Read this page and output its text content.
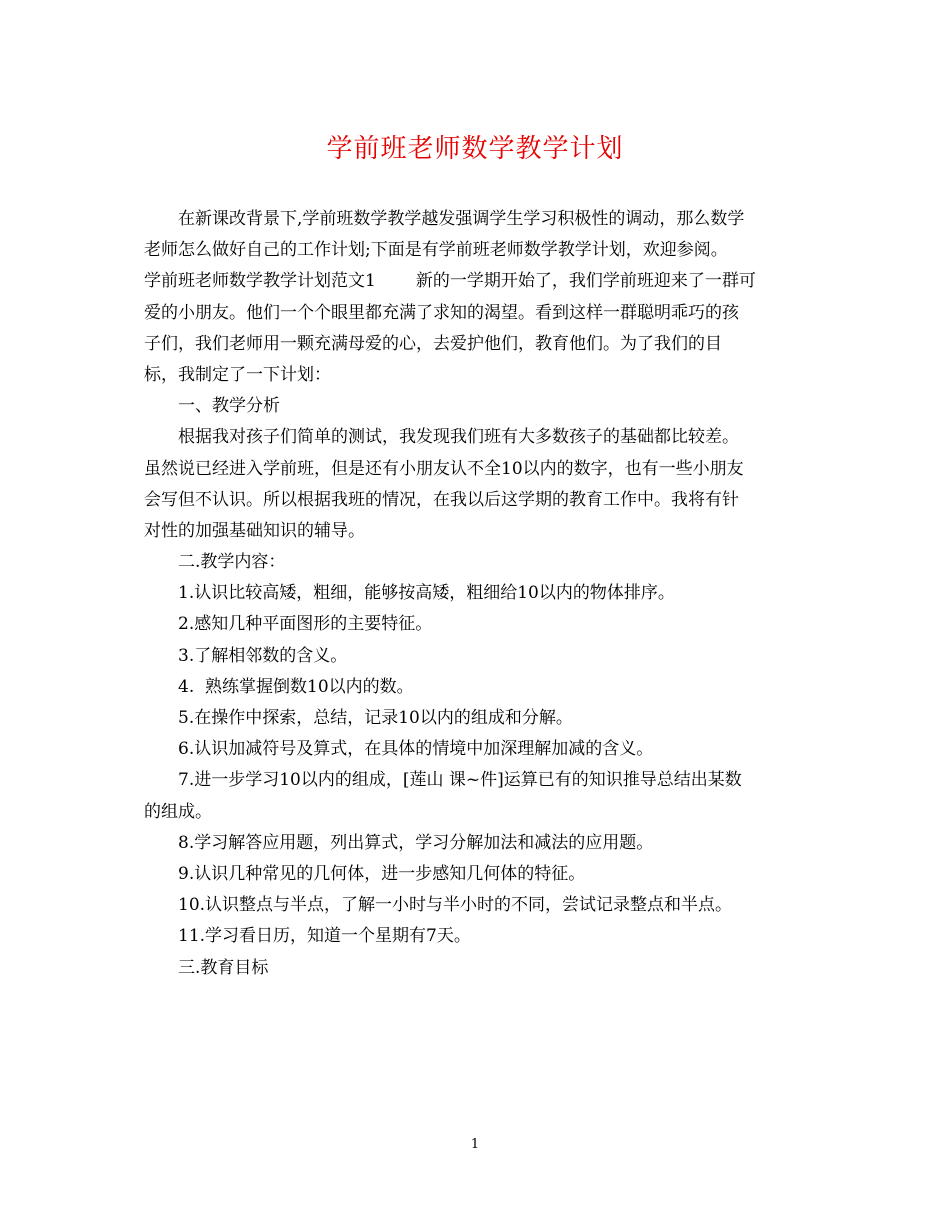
学前班老师数学教学计划
在新课改背景下,学前班数学教学越发强调学生学习积极性的调动，那么数学
老师怎么做好自己的工作计划;下面是有学前班老师数学教学计划，欢迎参阅。
学前班老师数学教学计划范文1 新的一学期开始了，我们学前班迎来了一群可
爱的小朋友。他们一个个眼里都充满了求知的渴望。看到这样一群聪明乖巧的孩
子们，我们老师用一颗充满母爱的心，去爱护他们，教育他们。为了我们的目
标，我制定了一下计划：
一、教学分析
根据我对孩子们简单的测试，我发现我们班有大多数孩子的基础都比较差。
虽然说已经进入学前班，但是还有小朋友认不全10以内的数字，也有一些小朋友
会写但不认识。所以根据我班的情况，在我以后这学期的教育工作中。我将有针
对性的加强基础知识的辅导。
二.教学内容：
1.认识比较高矮，粗细，能够按高矮，粗细给10以内的物体排序。
2.感知几种平面图形的主要特征。
3.了解相邻数的含义。
4.  熟练掌握倒数10以内的数。
5.在操作中探索，总结，记录10以内的组成和分解。
6.认识加减符号及算式，在具体的情境中加深理解加减的含义。
7.进一步学习10以内的组成，[莲山 课~件]运算已有的知识推导总结出某数
的组成。
8.学习解答应用题，列出算式，学习分解加法和减法的应用题。
9.认识几种常见的几何体，进一步感知几何体的特征。
10.认识整点与半点，了解一小时与半小时的不同，尝试记录整点和半点。
11.学习看日历，知道一个星期有7天。
三.教育目标
1
